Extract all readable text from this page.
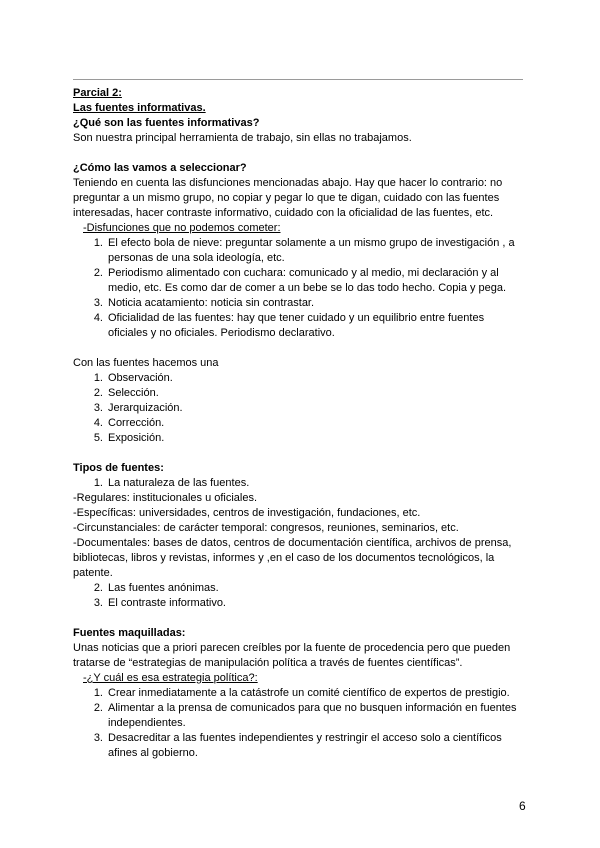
Parcial 2:

Las fuentes informativas.

¿Qué son las fuentes informativas?

Son nuestra principal herramienta de trabajo, sin ellas no trabajamos.

¿Cómo las vamos a seleccionar?

Teniendo en cuenta las disfunciones mencionadas abajo. Hay que hacer lo contrario: no

preguntar a un mismo grupo, no copiar y pegar lo que te digan, cuidado con las fuentes

interesadas, hacer contraste informativo, cuidado con la oficialidad de las fuentes, etc.

-Disfunciones que no podemos cometer:

1. El efecto bola de nieve: preguntar solamente a un mismo grupo de investigación , a
personas de una sola ideología, etc.
2. Periodismo alimentado con cuchara: comunicado y al medio, mi declaración y al
medio, etc. Es como dar de comer a un bebe se lo das todo hecho. Copia y pega.
3. Noticia acatamiento: noticia sin contrastar.
4. Oficialidad de las fuentes: hay que tener cuidado y un equilibrio entre fuentes
oficiales y no oficiales. Periodismo declarativo.

Con las fuentes hacemos una

1. Observación.
2. Selección.
3. Jerarquización.
4. Corrección.
5. Exposición.

Tipos de fuentes:

1. La naturaleza de las fuentes.

-Regulares: institucionales u oficiales.

-Específicas: universidades, centros de investigación, fundaciones, etc.

-Circunstanciales: de carácter temporal: congresos, reuniones, seminarios, etc.

-Documentales: bases de datos, centros de documentación científica, archivos de prensa,

bibliotecas, libros y revistas, informes y ,en el caso de los documentos tecnológicos, la

patente.

2. Las fuentes anónimas.
3. El contraste informativo.

Fuentes maquilladas:

Unas noticias que a priori parecen creíbles por la fuente de procedencia pero que pueden

tratarse de “estrategias de manipulación política a través de fuentes científicas”.

-¿Y cuál es esa estrategia política?:

1. Crear inmediatamente a la catástrofe un comité científico de expertos de prestigio.
2. Alimentar a la prensa de comunicados para que no busquen información en fuentes
independientes.
3. Desacreditar a las fuentes independientes y restringir el acceso solo a científicos
afines al gobierno.
6
